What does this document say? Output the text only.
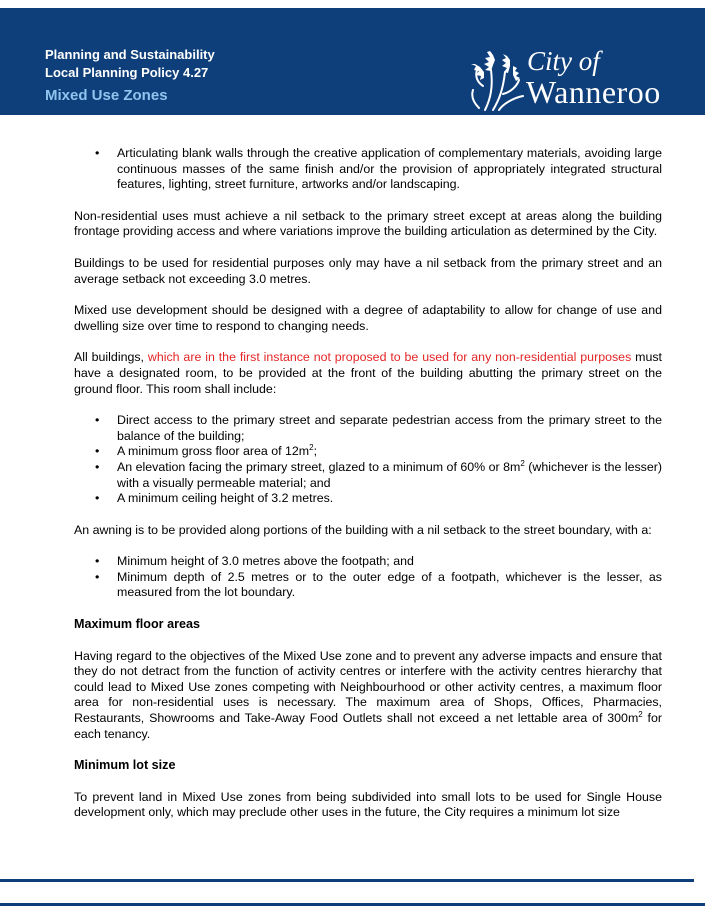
Planning and Sustainability
Local Planning Policy 4.27
Mixed Use Zones
City of
Wanneroo
• Articulating blank walls through the creative application of complementary materials, avoiding large continuous masses of the same finish and/or the provision of appropriately integrated structural features, lighting, street furniture, artworks and/or landscaping.

Non-residential uses must achieve a nil setback to the primary street except at areas along the building frontage providing access and where variations improve the building articulation as determined by the City.

Buildings to be used for residential purposes only may have a nil setback from the primary street and an average setback not exceeding 3.0 metres.

Mixed use development should be designed with a degree of adaptability to allow for change of use and dwelling size over time to respond to changing needs.

All buildings, which are in the first instance not proposed to be used for any non-residential purposes must have a designated room, to be provided at the front of the building abutting the primary street on the ground floor. This room shall include:

• Direct access to the primary street and separate pedestrian access from the primary street to the balance of the building;
• A minimum gross floor area of $12m^2$;
• An elevation facing the primary street, glazed to a minimum of 60% or $8m^2$ (whichever is the lesser) with a visually permeable material; and
• A minimum ceiling height of 3.2 metres.

An awning is to be provided along portions of the building with a nil setback to the street boundary, with a:

• Minimum height of 3.0 metres above the footpath; and
• Minimum depth of 2.5 metres or to the outer edge of a footpath, whichever is the lesser, as measured from the lot boundary.
Maximum floor areas

Having regard to the objectives of the Mixed Use zone and to prevent any adverse impacts and ensure that they do not detract from the function of activity centres or interfere with the activity centres hierarchy that could lead to Mixed Use zones competing with Neighbourhood or other activity centres, a maximum floor area for non-residential uses is necessary. The maximum area of Shops, Offices, Pharmacies, Restaurants, Showrooms and Take-Away Food Outlets shall not exceed a net lettable area of $300m^2$ for each tenancy.

Minimum lot size

To prevent land in Mixed Use zones from being subdivided into small lots to be used for Single House development only, which may preclude other uses in the future, the City requires a minimum lot size
